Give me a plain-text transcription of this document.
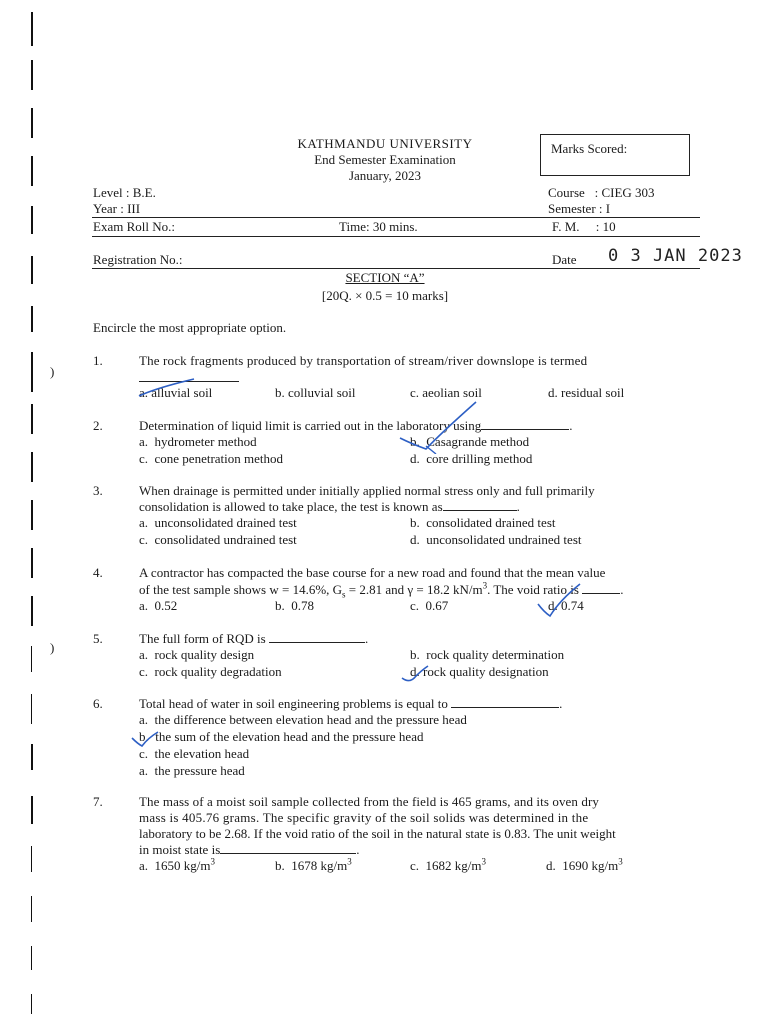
)
)
KATHMANDU UNIVERSITY
End Semester Examination
January, 2023
Marks Scored:
Level : B.E.
Year : III
Exam Roll No.:	Time: 30 mins.
Course   : CIEG 303
Semester : I
F. M.     : 10
Registration No.:	Date 0 3 JAN 2023
SECTION “A”
[20Q. × 0.5 = 10 marks]
Encircle the most appropriate option.
1.	The rock fragments produced by transportation of stream/river downslope is termed
a. alluvial soil	b. colluvial soil	c. aeolian soil	d. residual soil
2.	Determination of liquid limit is carried out in the laboratory using	.
a.  hydrometer method	b.  Casagrande method
c.  cone penetration method	d.  core drilling method
3.	When drainage is permitted under initially applied normal stress only and full primarily
consolidation is allowed to take place, the test is known as	.
a.  unconsolidated drained test	b.  consolidated drained test
c.  consolidated undrained test	d.  unconsolidated undrained test
4.	A contractor has compacted the base course for a new road and found that the mean value
of the test sample shows w = 14.6%, $G_s = 2.81$ and γ = 18.2 $kN/m^3$. The void ratio is	.
a.  0.52	b.  0.78	c.  0.67	d. 0.74
5.	The full form of RQD is	.
a.  rock quality design	b.  rock quality determination
c.  rock quality degradation	d. rock quality designation
6.	Total head of water in soil engineering problems is equal to	.
a.  the difference between elevation head and the pressure head
b.  the sum of the elevation head and the pressure head
c.  the elevation head
a.  the pressure head
7.	The mass of a moist soil sample collected from the field is 465 grams, and its oven dry
mass is 405.76 grams. The specific gravity of the soil solids was determined in the
laboratory to be 2.68. If the void ratio of the soil in the natural state is 0.83. The unit weight
in moist state is	.
a.  1650 $kg/m^3$	b.  1678 $kg/m^3$	c.  1682 $kg/m^3$	d.  1690 $kg/m^3$
